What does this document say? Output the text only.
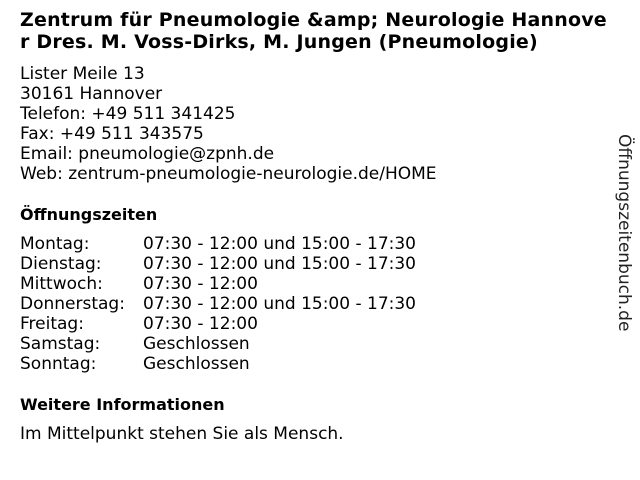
Zentrum für Pneumologie &amp; Neurologie Hannover Dres. M. Voss-Dirks, M. Jungen (Pneumologie)
Lister Meile 13
30161 Hannover
Telefon: +49 511 341425
Fax: +49 511 343575
Email: pneumologie@zpnh.de
Web: zentrum-pneumologie-neurologie.de/HOME
Öffnungszeiten
Montag:	07:30 - 12:00 und 15:00 - 17:30
Dienstag: 07:30 - 12:00 und 15:00 - 17:30
Mittwoch: 07:30 - 12:00
Donnerstag: 07:30 - 12:00 und 15:00 - 17:30
Freitag:	07:30 - 12:00
Samstag:	Geschlossen
Sonntag:	Geschlossen
Weitere Informationen
Im Mittelpunkt stehen Sie als Mensch.
Öffnungszeitenbuch.de
